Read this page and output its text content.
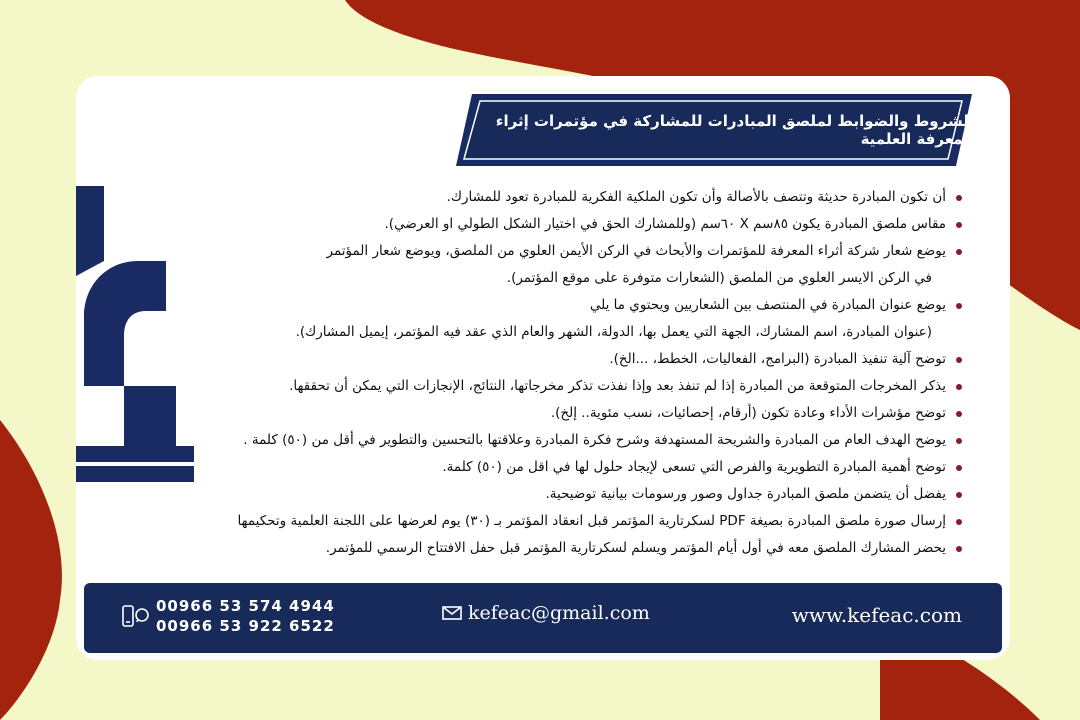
الشروط والضوابط لملصق المبادرات للمشاركة في مؤتمرات إثراء المعرفة العلمية
أن تكون المبادرة حديثة وتتصف بالأصالة وأن تكون الملكية الفكرية للمبادرة تعود للمشارك.
مقاس ملصق المبادرة يكون ٨٥سم X ٦٠سم (وللمشارك الحق في اختيار الشكل الطولي او العرضي).
يوضع شعار شركة أثراء المعرفة للمؤتمرات والأبحاث في الركن الأيمن العلوي من الملصق، ويوضع شعار المؤتمر
في الركن الايسر العلوي من الملصق (الشعارات متوفرة على موقع المؤتمر).
يوضع عنوان المبادرة في المنتصف بين الشعاريين ويحتوي ما يلي
(عنوان المبادرة، اسم المشارك، الجهة التي يعمل بها، الدولة، الشهر والعام الذي عقد فيه المؤتمر، إيميل المشارك).
توضح آلية تنفيذ المبادرة (البرامج، الفعاليات، الخطط، ...الخ).
يذكر المخرجات المتوقعة من المبادرة إذا لم تنفذ بعد وإذا نفذت تذكر مخرجاتها، النتائج، الإنجازات التي يمكن أن تحققها.
توضح مؤشرات الأداء وعادة تكون (أرقام، إحصائيات، نسب مئوية.. إلخ).
يوضح الهدف العام من المبادرة والشريحة المستهدفة وشرح فكرة المبادرة وعلاقتها بالتحسين والتطوير في أقل من (٥٠) كلمة .
توضح أهمية المبادرة التطويرية والفرص التي تسعى لإيجاد حلول لها في اقل من (٥٠) كلمة.
يفضل أن يتضمن ملصق المبادرة جداول وصور ورسومات بيانية توضيحية.
إرسال صورة ملصق المبادرة بصيغة PDF لسكرتارية المؤتمر قبل انعقاد المؤتمر بـ (٣٠) يوم لعرضها على اللجنة العلمية وتحكيمها
يحضر المشارك الملصق معه في أول أيام المؤتمر ويسلم لسكرتارية المؤتمر قبل حفل الافتتاح الرسمي للمؤتمر.
00966 53 574 4944
00966 53 922 6522
kefeac@gmail.com	www.kefeac.com
